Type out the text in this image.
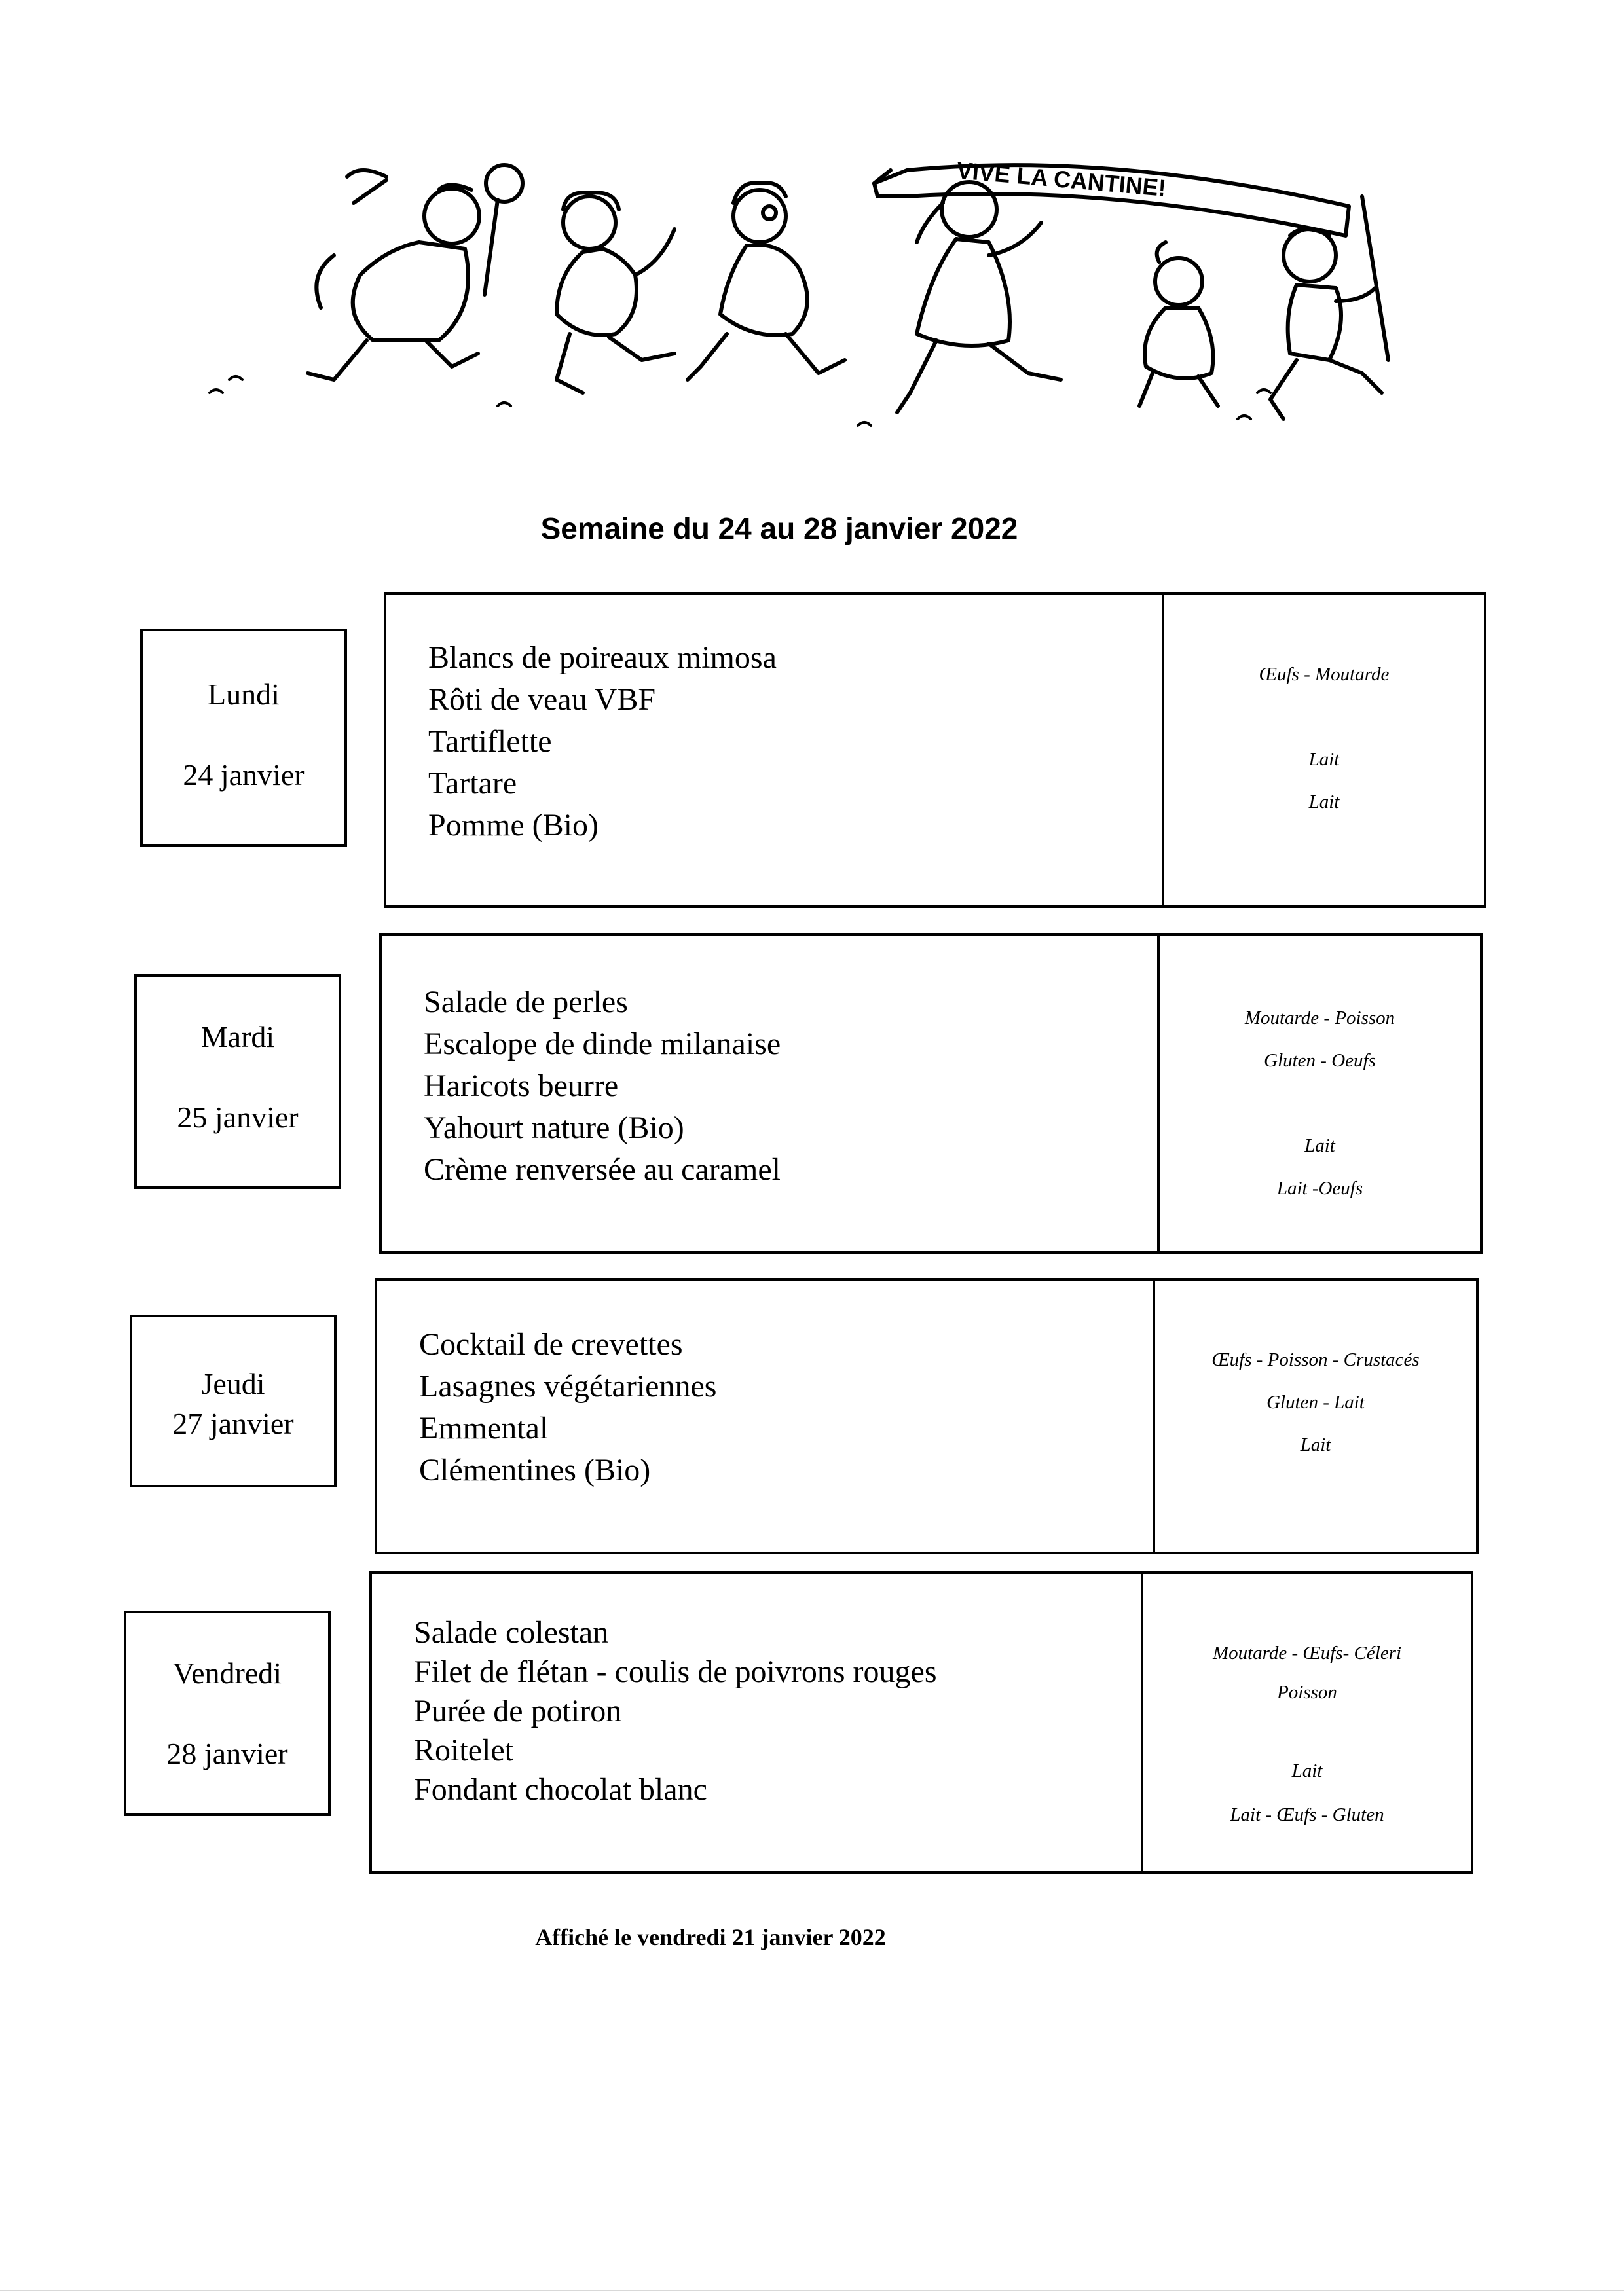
VIVE LA CANTINE!
Semaine du 24 au 28 janvier 2022
Lundi
24 janvier
Blancs de poireaux mimosa
Rôti de veau VBF
Tartiflette
Tartare
Pomme (Bio)
Œufs - Moutarde
Lait
Lait
Mardi
25 janvier
Salade de perles
Escalope de dinde milanaise
Haricots beurre
Yahourt nature (Bio)
Crème renversée au caramel
Moutarde - Poisson
Gluten - Oeufs
Lait
Lait -Oeufs
Jeudi
27 janvier
Cocktail de crevettes
Lasagnes végétariennes
Emmental
Clémentines (Bio)
Œufs - Poisson - Crustacés
Gluten - Lait
Lait
Vendredi
28 janvier
Salade colestan
Filet de flétan - coulis de poivrons rouges
Purée de potiron
Roitelet
Fondant chocolat blanc
Moutarde - Œufs- Céleri
Poisson
Lait
Lait - Œufs - Gluten
Affiché le vendredi 21 janvier 2022
